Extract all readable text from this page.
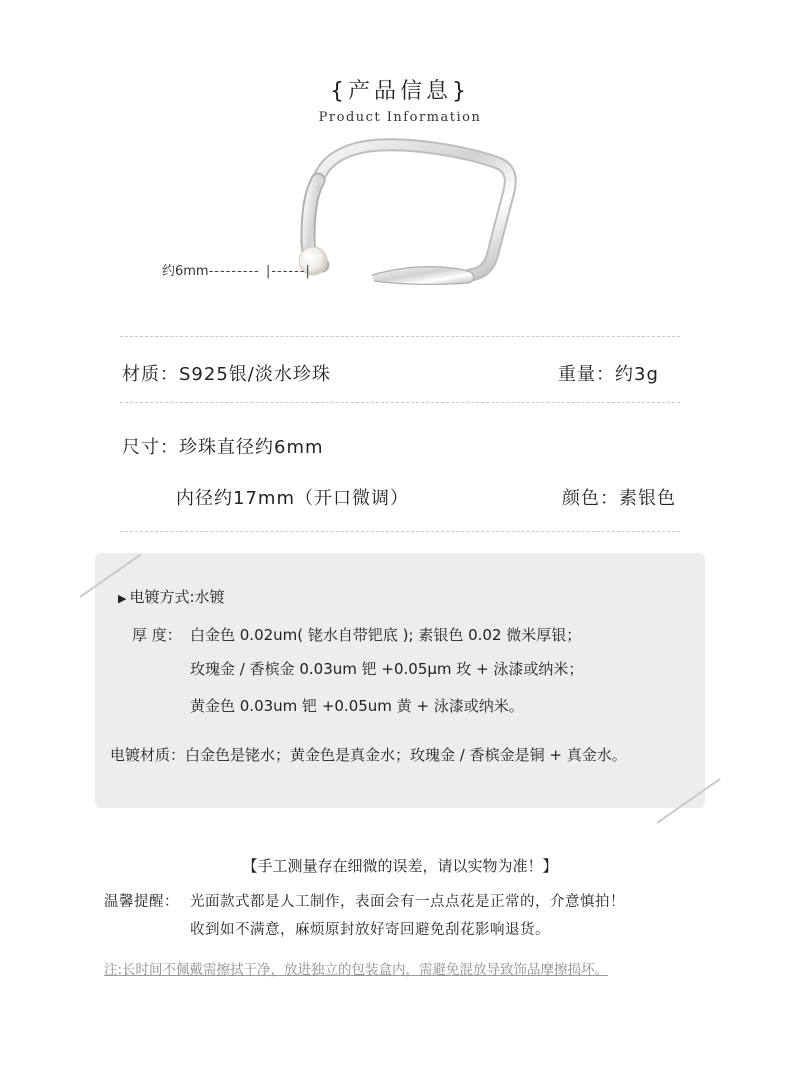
{产品信息}
Product Information
约6mm--------- |------|
材质：S925银/淡水珍珠	重量：约3g
尺寸：珍珠直径约6mm
内径约17mm（开口微调）	颜色：素银色
▶ 电镀方式:水镀
厚 度： 白金色 0.02um( 铑水自带钯底 ); 素银色 0.02 微米厚银；
玫瑰金 / 香槟金 0.03um 钯 +0.05μm 玫 + 泳漆或纳米；
黄金色 0.03um 钯 +0.05um 黄 + 泳漆或纳米。
电镀材质：白金色是铑水；黄金色是真金水；玫瑰金 / 香槟金是铜 + 真金水。
【手工测量存在细微的误差，请以实物为准！】
温馨提醒： 光面款式都是人工制作，表面会有一点点花是正常的，介意慎拍！
收到如不满意，麻烦原封放好寄回避免刮花影响退货。
注:长时间不佩戴需擦拭干净，放进独立的包装盒内，需避免混放导致饰品摩擦损坏。
